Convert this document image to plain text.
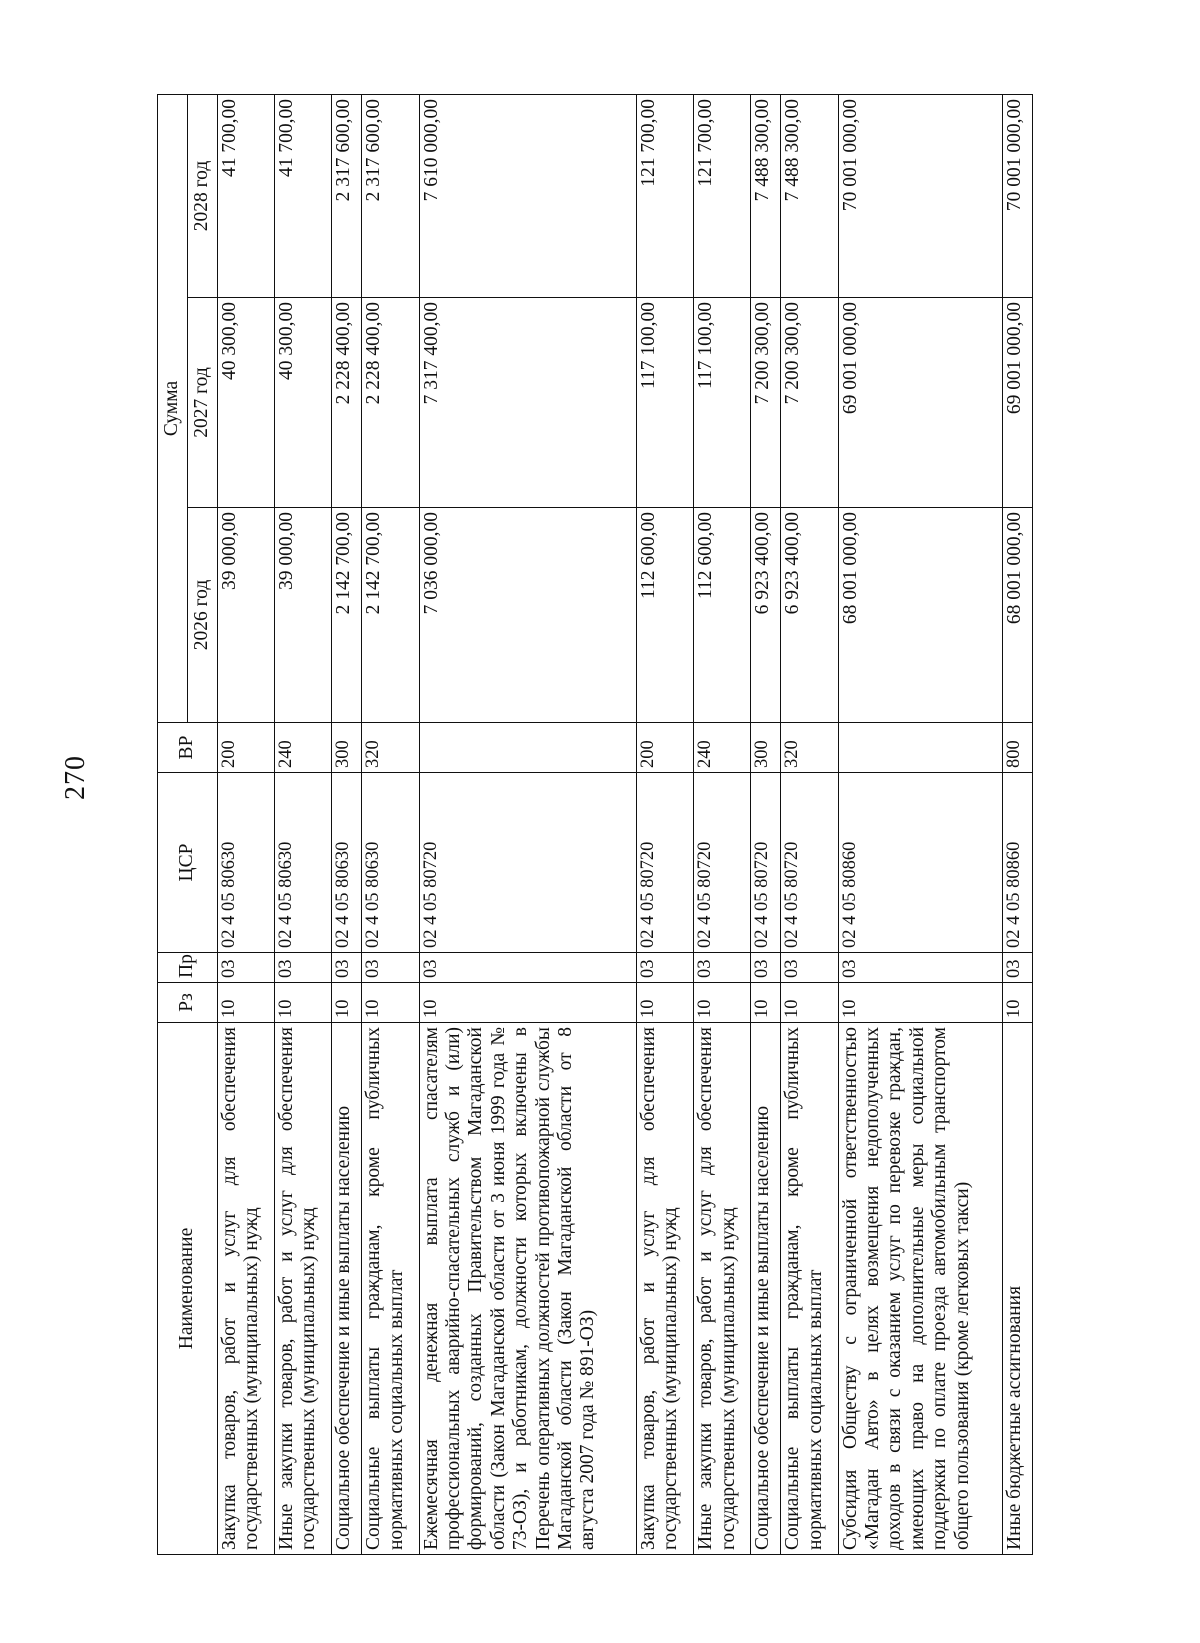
270
Наименование	Рз	Пр	ЦСР	ВР	Сумма		
					2026 год	2027 год	2028 год
Закупка товаров, работ и услуг для обеспечения государственных (муниципальных) нужд	10	03	02 4 05 80630	200	39 000,00	40 300,00	41 700,00
Иные закупки товаров, работ и услуг для обеспечения государственных (муниципальных) нужд	10	03	02 4 05 80630	240	39 000,00	40 300,00	41 700,00
Социальное обеспечение и иные выплаты населению	10	03	02 4 05 80630	300	2 142 700,00	2 228 400,00	2 317 600,00
Социальные выплаты гражданам, кроме публичных нормативных социальных выплат	10	03	02 4 05 80630	320	2 142 700,00	2 228 400,00	2 317 600,00
Ежемесячная денежная выплата спасателям профессиональных аварийно-спасательных служб и (или) формирований, созданных Правительством Магаданской области (Закон Магаданской области от 3 июня 1999 года № 73-ОЗ), и работникам, должности которых включены в Перечень оперативных должностей противопожарной службы Магаданской области (Закон Магаданской области от 8 августа 2007 года № 891-ОЗ)	10	03	02 4 05 80720		7 036 000,00	7 317 400,00	7 610 000,00
Закупка товаров, работ и услуг для обеспечения государственных (муниципальных) нужд	10	03	02 4 05 80720	200	112 600,00	117 100,00	121 700,00
Иные закупки товаров, работ и услуг для обеспечения государственных (муниципальных) нужд	10	03	02 4 05 80720	240	112 600,00	117 100,00	121 700,00
Социальное обеспечение и иные выплаты населению	10	03	02 4 05 80720	300	6 923 400,00	7 200 300,00	7 488 300,00
Социальные выплаты гражданам, кроме публичных нормативных социальных выплат	10	03	02 4 05 80720	320	6 923 400,00	7 200 300,00	7 488 300,00
Субсидия Обществу с ограниченной ответственностью «Магадан Авто» в целях возмещения недополученных доходов в связи с оказанием услуг по перевозке граждан, имеющих право на дополнительные меры социальной поддержки по оплате проезда автомобильным транспортом общего пользования (кроме легковых такси)	10	03	02 4 05 80860		68 001 000,00	69 001 000,00	70 001 000,00
Иные бюджетные ассигнования	10	03	02 4 05 80860	800	68 001 000,00	69 001 000,00	70 001 000,00
